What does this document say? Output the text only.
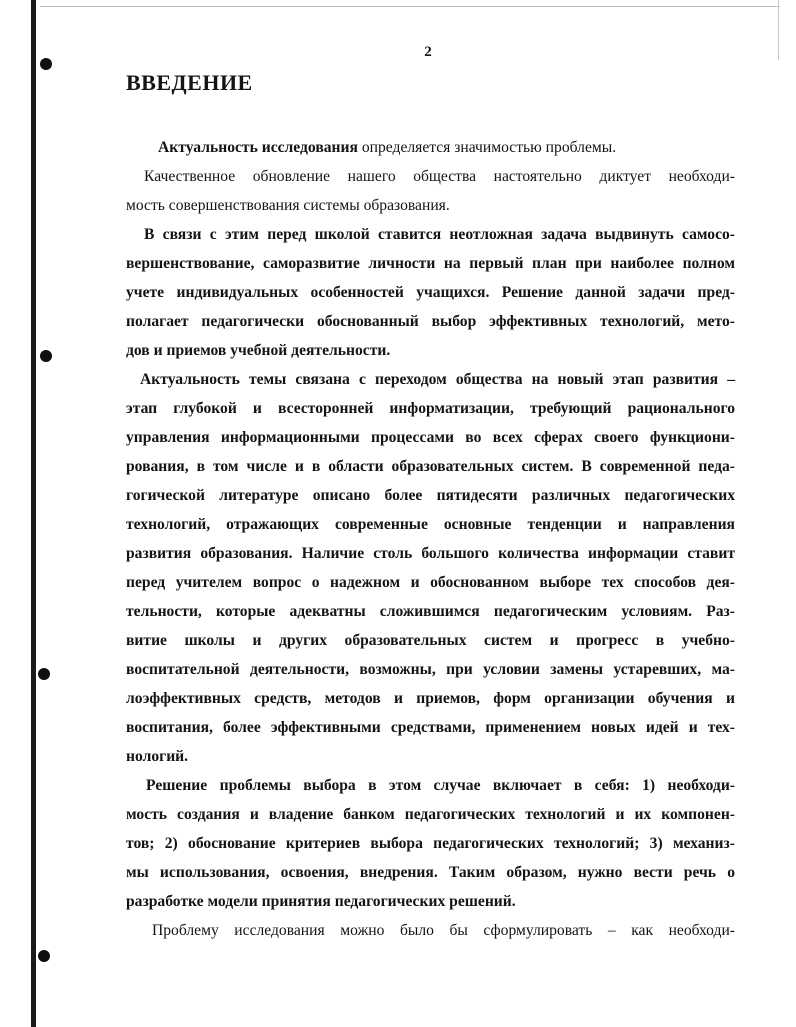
2
ВВЕДЕНИЕ
Актуальность исследования определяется значимостью проблемы.
Качественное обновление нашего общества настоятельно диктует необходи-
мость совершенствования системы образования.
В связи с этим перед школой ставится неотложная задача выдвинуть самосо-
вершенствование, саморазвитие личности на первый план при наиболее полном
учете индивидуальных особенностей учащихся. Решение данной задачи пред-
полагает педагогически обоснованный выбор эффективных технологий, мето-
дов и приемов учебной деятельности.
Актуальность темы связана с переходом общества на новый этап развития –
этап глубокой и всесторонней информатизации, требующий рационального
управления информационными процессами во всех сферах своего функциони-
рования, в том числе и в области образовательных систем. В современной педа-
гогической литературе описано более пятидесяти различных педагогических
технологий, отражающих современные основные тенденции и направления
развития образования. Наличие столь большого количества информации ставит
перед учителем вопрос о надежном и обоснованном выборе тех способов дея-
тельности, которые адекватны сложившимся педагогическим условиям. Раз-
витие школы и других образовательных систем и прогресс в учебно-
воспитательной деятельности, возможны, при условии замены устаревших, ма-
лоэффективных средств, методов и приемов, форм организации обучения и
воспитания, более эффективными средствами, применением новых идей и тех-
нологий.
Решение проблемы выбора в этом случае включает в себя: 1) необходи-
мость создания и владение банком педагогических технологий и их компонен-
тов; 2) обоснование критериев выбора педагогических технологий; 3) механиз-
мы использования, освоения, внедрения. Таким образом, нужно вести речь о
разработке модели принятия педагогических решений.
Проблему исследования можно было бы сформулировать – как необходи-
